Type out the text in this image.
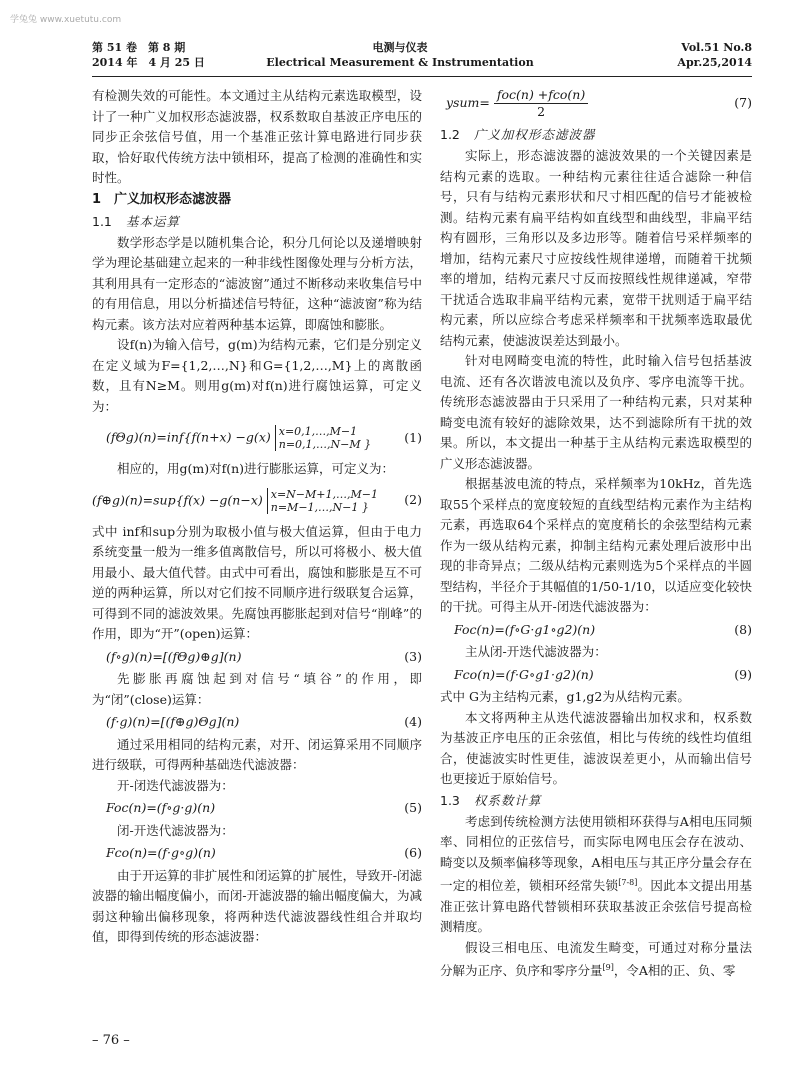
学兔兔 www.xuetutu.com
第 51 卷　第 8 期
2014 年　4 月 25 日
电测与仪表
Electrical Measurement & Instrumentation
Vol.51 No.8
Apr.25,2014

有检测失效的可能性。本文通过主从结构元素选取模型，设计了一种广义加权形态滤波器，权系数取自基波正序电压的同步正余弦信号值，用一个基准正弦计算电路进行同步获取，恰好取代传统方法中锁相环，提高了检测的准确性和实时性。

1　广义加权形态滤波器

1.1 基本运算

数学形态学是以随机集合论，积分几何论以及递增映射学为理论基础建立起来的一种非线性图像处理与分析方法，其利用具有一定形态的“滤波窗”通过不断移动来收集信号中的有用信息，用以分析描述信号特征，这种“滤波窗”称为结构元素。该方法对应着两种基本运算，即腐蚀和膨胀。

设f(n)为输入信号，g(m)为结构元素，它们是分别定义在定义域为F={1,2,…,N}和G={1,2,…,M}上的离散函数，且有N≥M。则用g(m)对f(n)进行腐蚀运算，可定义为：

(fΘg)(n)=inf{f(n+x) −g(x) x=0,1,…,M−1
n=0,1,…,N−M }	(1)

相应的，用g(m)对f(n)进行膨胀运算，可定义为：

(f⊕g)(n)=sup{f(x) −g(n−x) x=N−M+1,…,M−1
n=M−1,…,N−1 }	(2)

式中 inf和sup分别为取极小值与极大值运算，但由于电力系统变量一般为一维多值离散信号，所以可将极小、极大值用最小、最大值代替。由式中可看出，腐蚀和膨胀是互不可逆的两种运算，所以对它们按不同顺序进行级联复合运算，可得到不同的滤波效果。先腐蚀再膨胀起到对信号“削峰”的作用，即为“开”(open)运算：

(f∘g)(n)=[(fΘg)⊕g](n)	(3)

先膨胀再腐蚀起到对信号“填谷”的作用，即为“闭”(close)运算：

(f·g)(n)=[(f⊕g)Θg](n)	(4)

通过采用相同的结构元素，对开、闭运算采用不同顺序进行级联，可得两种基础迭代滤波器：

开-闭迭代滤波器为：

Foc(n)=(f∘g·g)(n)	(5)

闭-开迭代滤波器为：

Fco(n)=(f·g∘g)(n)	(6)

由于开运算的非扩展性和闭运算的扩展性，导致开-闭滤波器的输出幅度偏小，而闭-开滤波器的输出幅度偏大，为减弱这种输出偏移现象，将两种迭代滤波器线性组合并取均值，即得到传统的形态滤波器：

ysum= $\frac{\text{foc(n) +fco(n)}}{2}$	(7)

1.2 广义加权形态滤波器

实际上，形态滤波器的滤波效果的一个关键因素是结构元素的选取。一种结构元素往往适合滤除一种信号，只有与结构元素形状和尺寸相匹配的信号才能被检测。结构元素有扁平结构如直线型和曲线型，非扁平结构有圆形，三角形以及多边形等。随着信号采样频率的增加，结构元素尺寸应按线性规律递增，而随着干扰频率的增加，结构元素尺寸反而按照线性规律递减，窄带干扰适合选取非扁平结构元素，宽带干扰则适于扁平结构元素，所以应综合考虑采样频率和干扰频率选取最优结构元素，使滤波误差达到最小。

针对电网畸变电流的特性，此时输入信号包括基波电流、还有各次谐波电流以及负序、零序电流等干扰。传统形态滤波器由于只采用了一种结构元素，只对某种畸变电流有较好的滤除效果，达不到滤除所有干扰的效果。所以，本文提出一种基于主从结构元素选取模型的广义形态滤波器。

根据基波电流的特点，采样频率为10kHz，首先选取55个采样点的宽度较短的直线型结构元素作为主结构元素，再选取64个采样点的宽度稍长的余弦型结构元素作为一级从结构元素，抑制主结构元素处理后波形中出现的非奇异点；二级从结构元素则选为5个采样点的半圆型结构，半径介于其幅值的1/50-1/10，以适应变化较快的干扰。可得主从开-闭迭代滤波器为：

Foc(n)=(f∘G·g1∘g2)(n)	(8)

主从闭-开迭代滤波器为：

Fco(n)=(f·G∘g1·g2)(n)	(9)

式中 G为主结构元素，g1,g2为从结构元素。

本文将两种主从迭代滤波器输出加权求和，权系数为基波正序电压的正余弦值，相比与传统的线性均值组合，使滤波实时性更佳，滤波误差更小，从而输出信号也更接近于原始信号。

1.3 权系数计算

考虑到传统检测方法使用锁相环获得与A相电压同频率、同相位的正弦信号，而实际电网电压会存在波动、畸变以及频率偏移等现象，A相电压与其正序分量会存在一定的相位差，锁相环经常失锁[7-8]。因此本文提出用基准正弦计算电路代替锁相环获取基波正余弦信号提高检测精度。

假设三相电压、电流发生畸变，可通过对称分量法分解为正序、负序和零序分量[9]，令A相的正、负、零

– 76 –
